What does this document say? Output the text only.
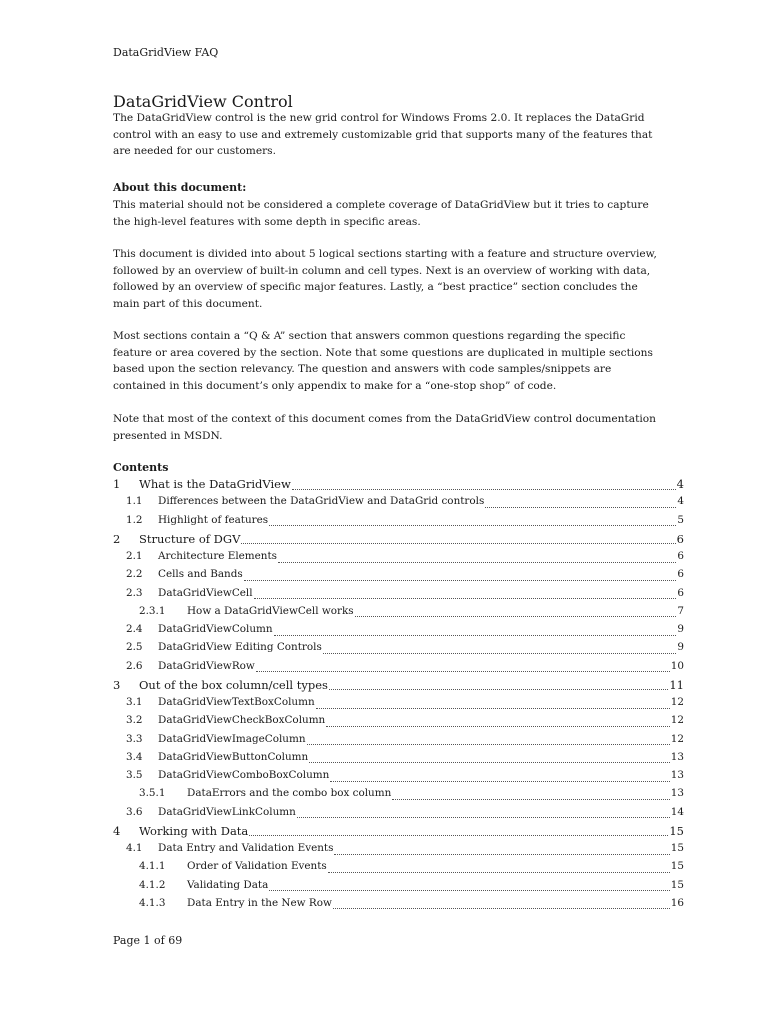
DataGridView FAQ
DataGridView Control

The DataGridView control is the new grid control for Windows Froms 2.0. It replaces the DataGrid control with an easy to use and extremely customizable grid that supports many of the features that are needed for our customers.

About this document:

This material should not be considered a complete coverage of DataGridView but it tries to capture the high-level features with some depth in specific areas.

This document is divided into about 5 logical sections starting with a feature and structure overview, followed by an overview of built-in column and cell types. Next is an overview of working with data, followed by an overview of specific major features. Lastly, a “best practice” section concludes the main part of this document.

Most sections contain a “Q & A” section that answers common questions regarding the specific feature or area covered by the section. Note that some questions are duplicated in multiple sections based upon the section relevancy. The question and answers with code samples/snippets are contained in this document’s only appendix to make for a “one-stop shop” of code.

Note that most of the context of this document comes from the DataGridView control documentation presented in MSDN.

Contents
1	What is the DataGridView	4
1.1	Differences between the DataGridView and DataGrid controls	4
1.2	Highlight of features	5
2	Structure of DGV	6
2.1	Architecture Elements	6
2.2	Cells and Bands	6
2.3	DataGridViewCell	6
2.3.1	How a DataGridViewCell works	7
2.4	DataGridViewColumn	9
2.5	DataGridView Editing Controls	9
2.6	DataGridViewRow	10
3	Out of the box column/cell types	11
3.1	DataGridViewTextBoxColumn	12
3.2	DataGridViewCheckBoxColumn	12
3.3	DataGridViewImageColumn	12
3.4	DataGridViewButtonColumn	13
3.5	DataGridViewComboBoxColumn	13
3.5.1	DataErrors and the combo box column	13
3.6	DataGridViewLinkColumn	14
4	Working with Data	15
4.1	Data Entry and Validation Events	15
4.1.1	Order of Validation Events	15
4.1.2	Validating Data	15
4.1.3	Data Entry in the New Row	16
Page 1 of 69
